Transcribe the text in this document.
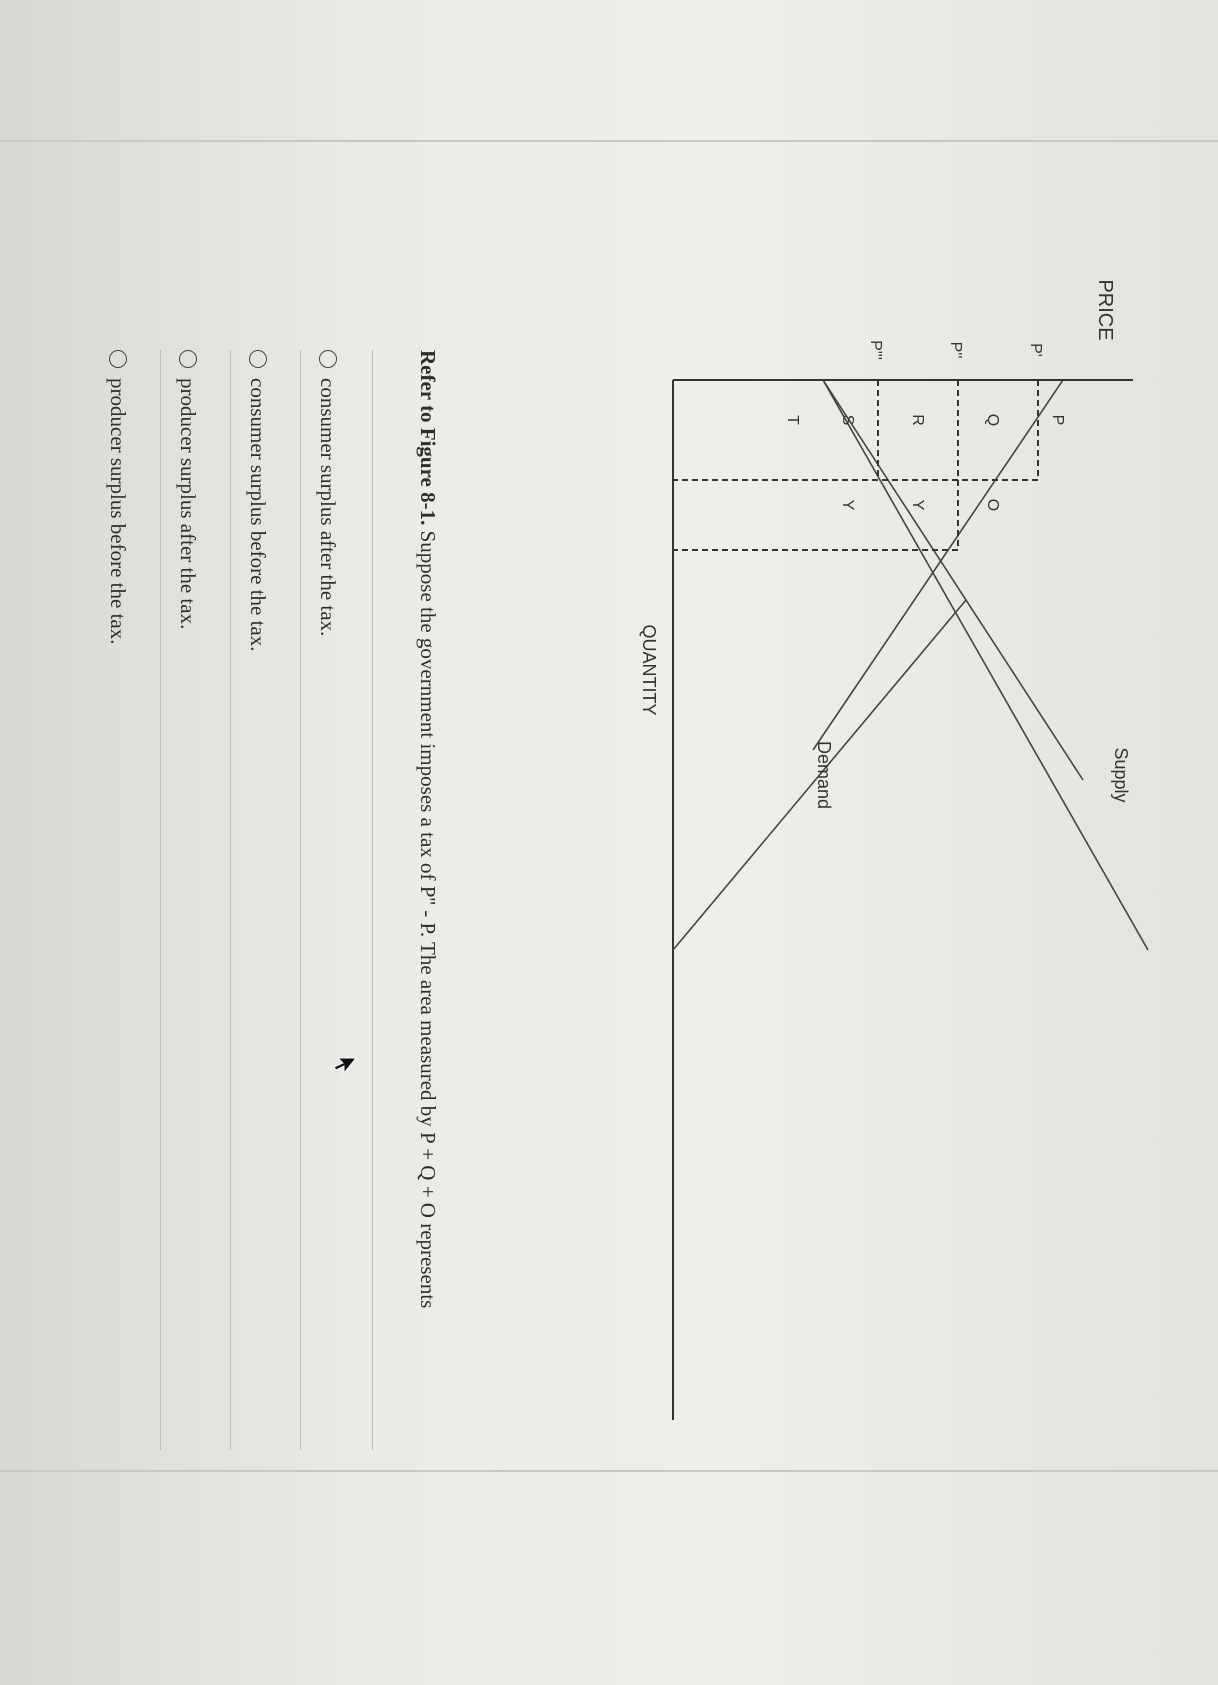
PRICE
QUANTITY
Supply
Demand
P'
P''
P'''
P
Q
O
R
Y
S
Y
T
Refer to Figure 8-1. Suppose the government imposes a tax of P'' - P. The area measured by P + Q + O represents
consumer surplus after the tax.
consumer surplus before the tax.
producer surplus after the tax.
producer surplus before the tax.
